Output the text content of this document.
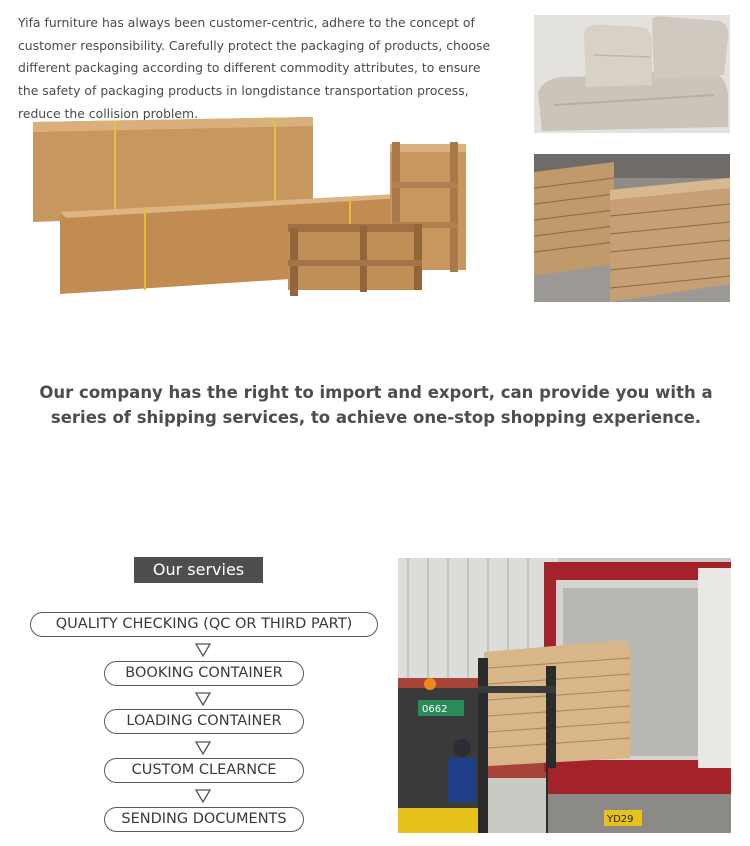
Yifa furniture has always been customer-centric, adhere to the concept of customer responsibility. Carefully protect the packaging of products, choose different packaging according to different commodity attributes, to ensure the safety of packaging products in longdistance transportation process, reduce the collision problem.
Our company has the right to import and export, can provide you with a series of shipping services, to achieve one-stop shopping experience.
Our servies
QUALITY CHECKING (QC OR THIRD PART)
BOOKING CONTAINER
LOADING CONTAINER
CUSTOM CLEARNCE
SENDING DOCUMENTS
0662
YD29
